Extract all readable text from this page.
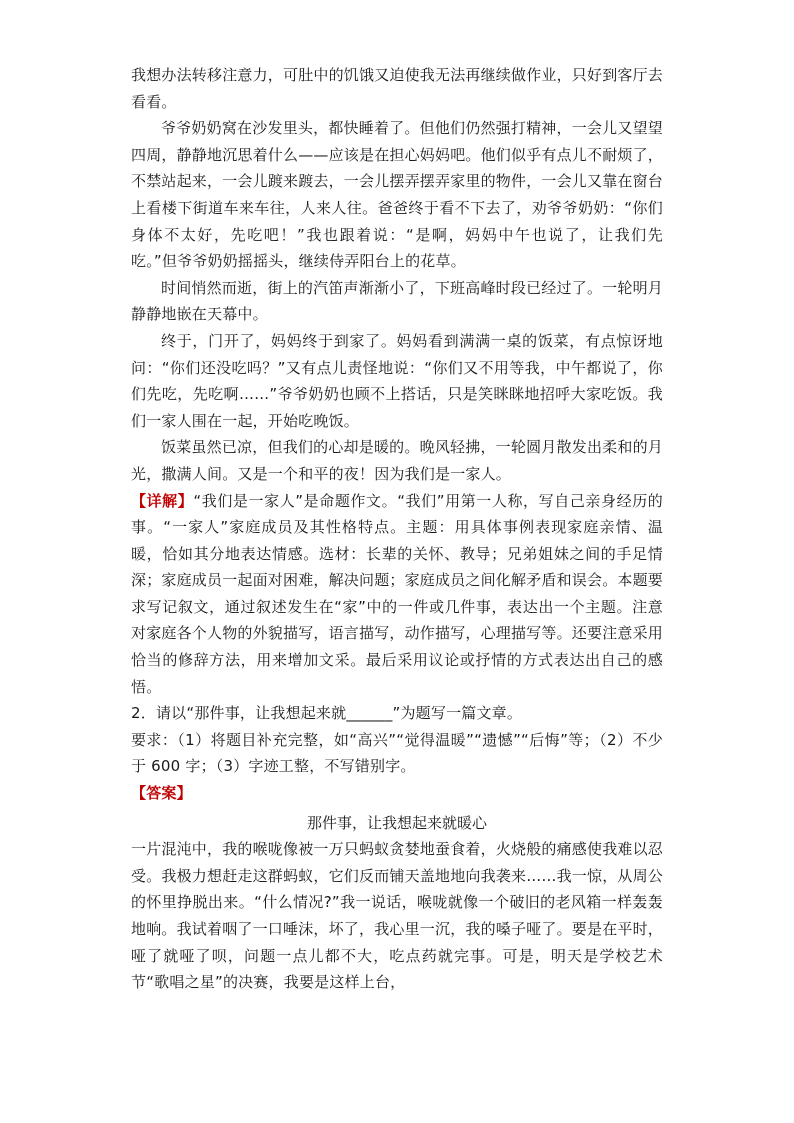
我想办法转移注意力，可肚中的饥饿又迫使我无法再继续做作业，只好到客厅去看看。

爷爷奶奶窝在沙发里头，都快睡着了。但他们仍然强打精神，一会儿又望望四周，静静地沉思着什么——应该是在担心妈妈吧。他们似乎有点儿不耐烦了，不禁站起来，一会儿踱来踱去，一会儿摆弄摆弄家里的物件，一会儿又靠在窗台上看楼下街道车来车往，人来人往。爸爸终于看不下去了，劝爷爷奶奶：“你们身体不太好，先吃吧！”我也跟着说：“是啊，妈妈中午也说了，让我们先吃。”但爷爷奶奶摇摇头，继续侍弄阳台上的花草。

时间悄然而逝，街上的汽笛声渐渐小了，下班高峰时段已经过了。一轮明月静静地嵌在天幕中。

终于，门开了，妈妈终于到家了。妈妈看到满满一桌的饭菜，有点惊讶地问：“你们还没吃吗？”又有点儿责怪地说：“你们又不用等我，中午都说了，你们先吃，先吃啊……”爷爷奶奶也顾不上搭话，只是笑眯眯地招呼大家吃饭。我们一家人围在一起，开始吃晚饭。

饭菜虽然已凉，但我们的心却是暖的。晚风轻拂，一轮圆月散发出柔和的月光，撒满人间。又是一个和平的夜！因为我们是一家人。

【详解】“我们是一家人”是命题作文。“我们”用第一人称，写自己亲身经历的事。“一家人”家庭成员及其性格特点。主题：用具体事例表现家庭亲情、温暖，恰如其分地表达情感。选材：长辈的关怀、教导；兄弟姐妹之间的手足情深；家庭成员一起面对困难，解决问题；家庭成员之间化解矛盾和误会。本题要求写记叙文，通过叙述发生在“家”中的一件或几件事，表达出一个主题。注意对家庭各个人物的外貌描写，语言描写，动作描写，心理描写等。还要注意采用恰当的修辞方法，用来增加文采。最后采用议论或抒情的方式表达出自己的感悟。

2．请以“那件事，让我想起来就______”为题写一篇文章。

要求：（1）将题目补充完整，如“高兴”“觉得温暖”“遗憾”“后悔”等；（2）不少于 600 字；（3）字迹工整，不写错别字。

【答案】

那件事，让我想起来就暖心

一片混沌中，我的喉咙像被一万只蚂蚁贪婪地蚕食着，火烧般的痛感使我难以忍受。我极力想赶走这群蚂蚁，它们反而铺天盖地地向我袭来……我一惊，从周公的怀里挣脱出来。“什么情况?”我一说话，喉咙就像一个破旧的老风箱一样轰轰地响。我试着咽了一口唾沫，坏了，我心里一沉，我的嗓子哑了。要是在平时，哑了就哑了呗，问题一点儿都不大，吃点药就完事。可是，明天是学校艺术节“歌唱之星”的决赛，我要是这样上台，
